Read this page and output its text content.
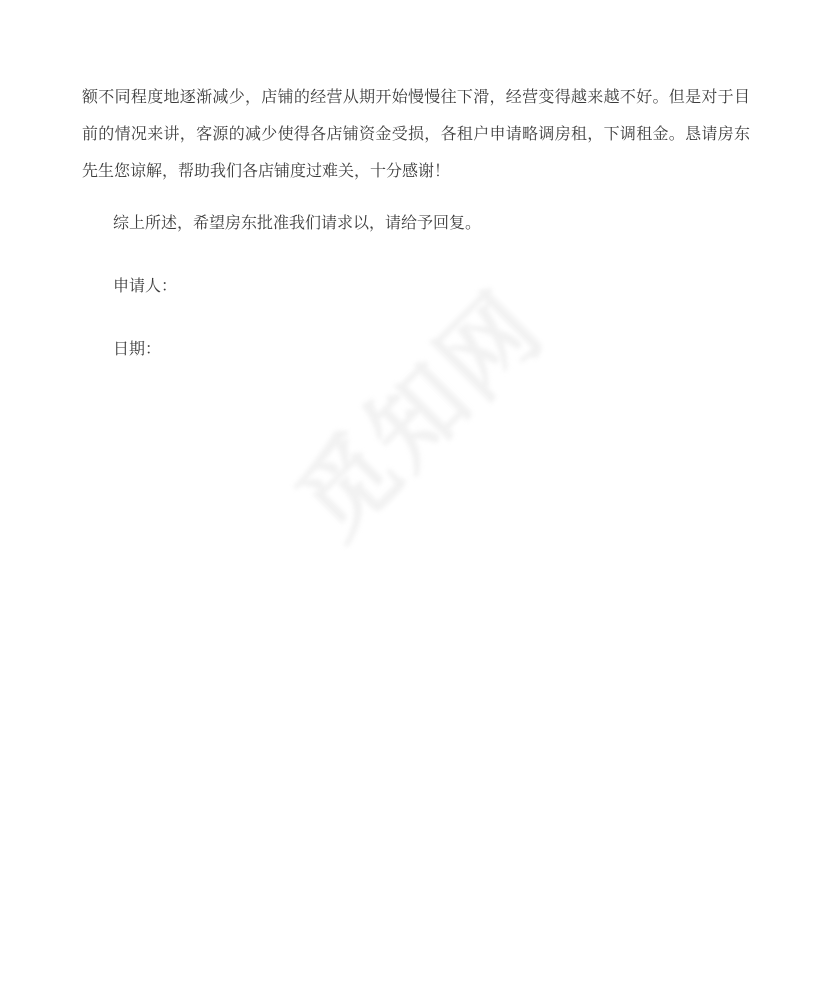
觅知网
额不同程度地逐渐减少，店铺的经营从期开始慢慢往下滑，经营变得越来越不好。但是对于目
前的情况来讲，客源的减少使得各店铺资金受损，各租户申请略调房租，下调租金。恳请房东
先生您谅解，帮助我们各店铺度过难关，十分感谢！
综上所述，希望房东批准我们请求以，请给予回复。
申请人：
日期：
